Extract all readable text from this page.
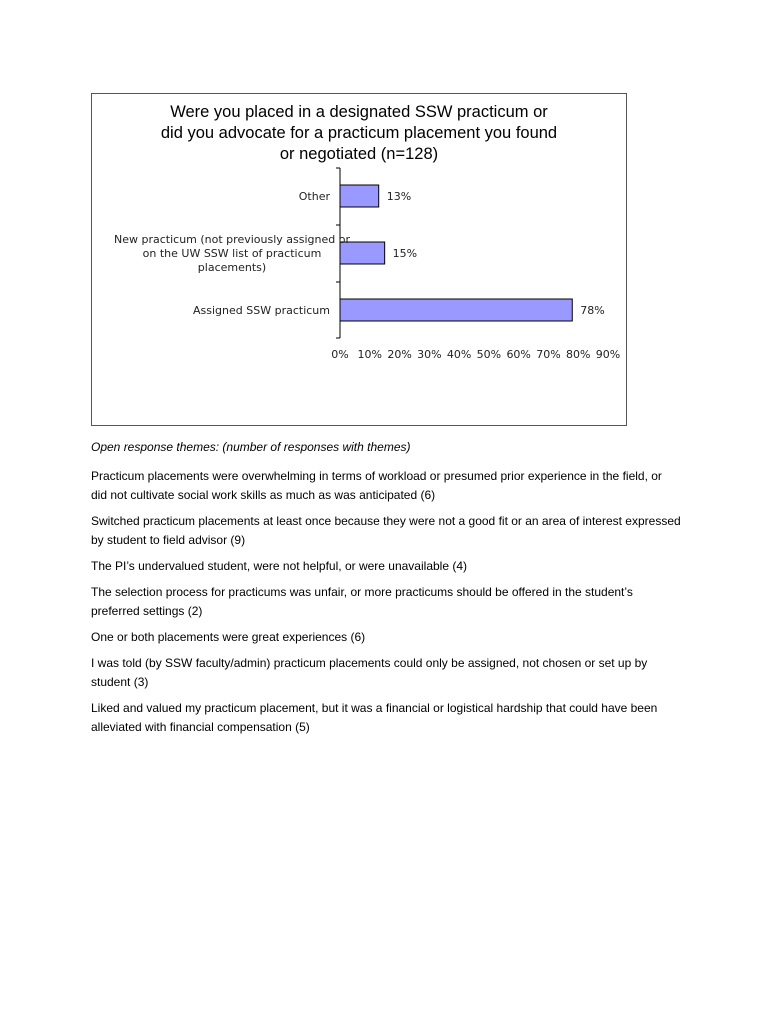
Were you placed in a designated SSW practicum or
did you advocate for a practicum placement you found
or negotiated (n=128)
13%
Other
15%
New practicum (not previously assigned or
on the UW SSW list of practicum
placements)
78%
Assigned SSW practicum
0% 10% 20% 30% 40% 50% 60% 70% 80% 90%

Open response themes: (number of responses with themes)

Practicum placements were overwhelming in terms of workload or presumed prior experience in the field, or did not cultivate social work skills as much as was anticipated (6)

Switched practicum placements at least once because they were not a good fit or an area of interest expressed by student to field advisor (9)

The PI’s undervalued student, were not helpful, or were unavailable (4)

The selection process for practicums was unfair, or more practicums should be offered in the student’s preferred settings (2)

One or both placements were great experiences (6)

I was told (by SSW faculty/admin) practicum placements could only be assigned, not chosen or set up by student (3)

Liked and valued my practicum placement, but it was a financial or logistical hardship that could have been alleviated with financial compensation (5)
